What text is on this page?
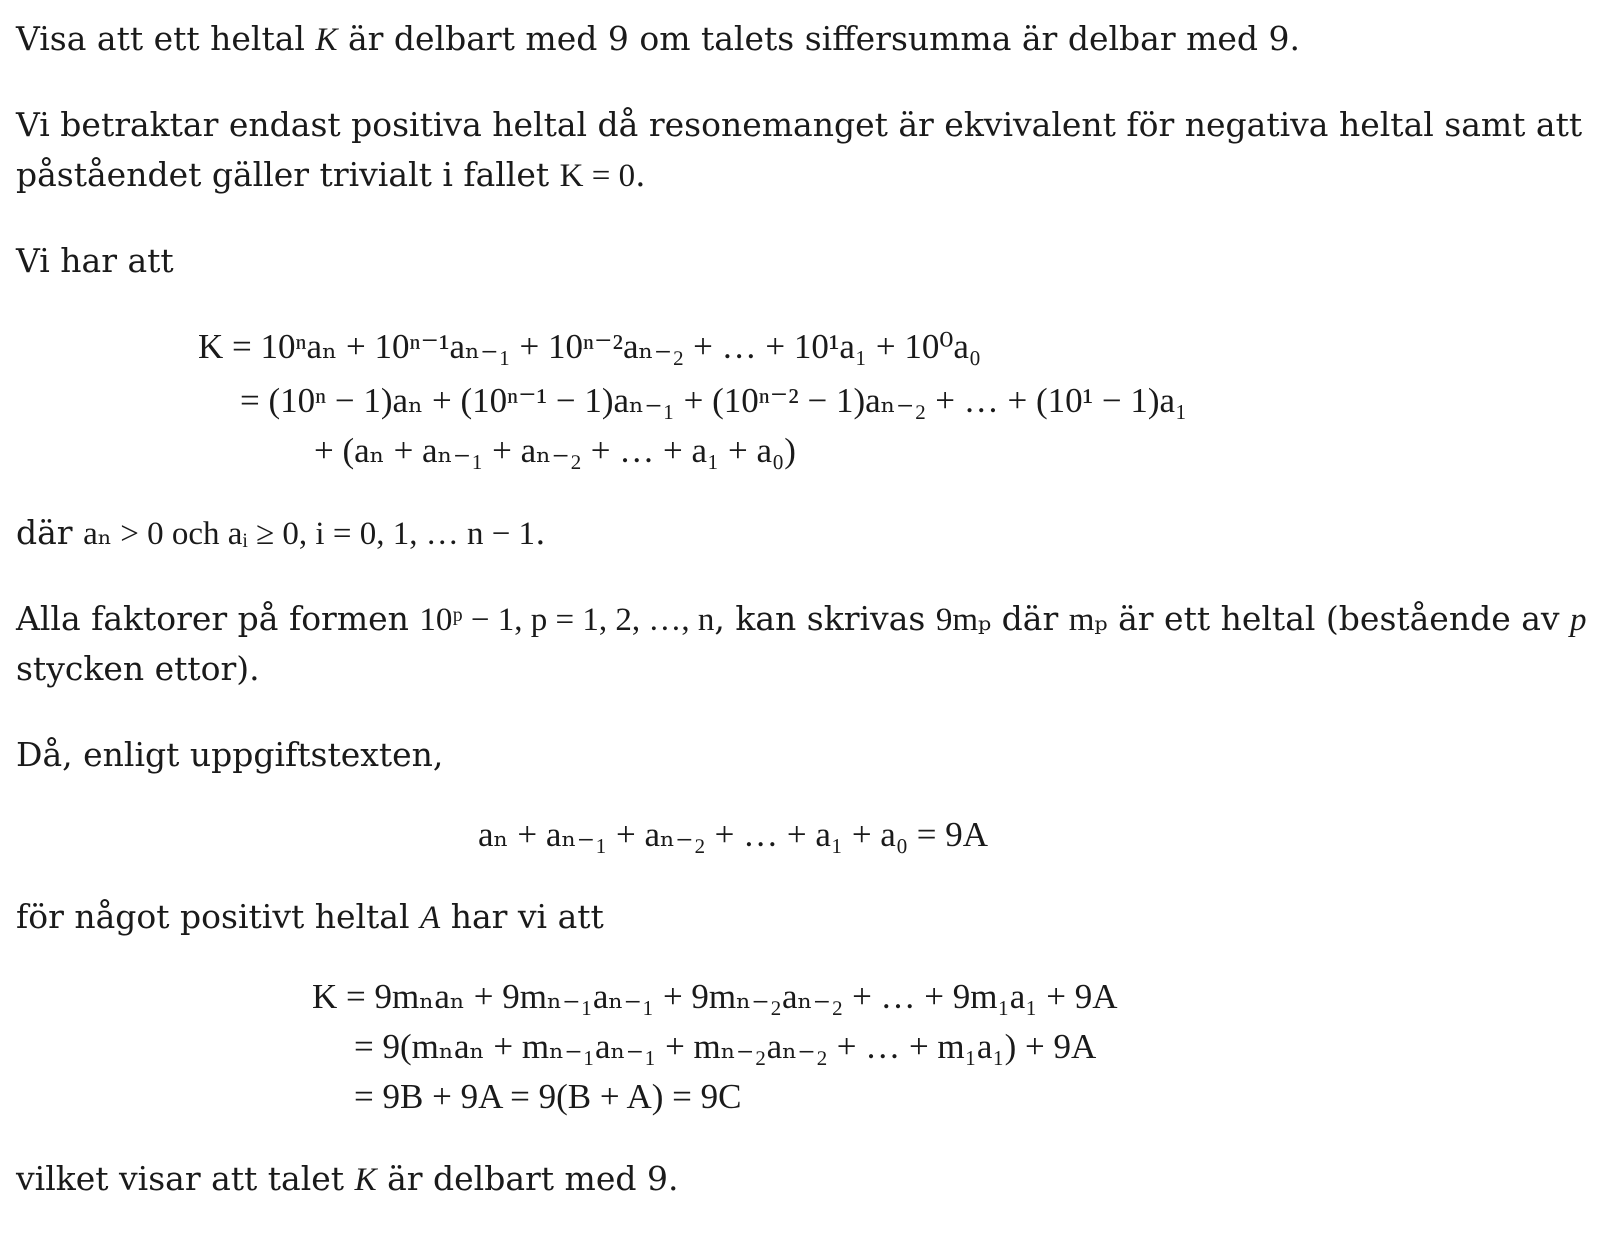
Visa att ett heltal K är delbart med 9 om talets siffersumma är delbar med 9.

Vi betraktar endast positiva heltal då resonemanget är ekvivalent för negativa heltal samt att

påståendet gäller trivialt i fallet K = 0.

Vi har att

K = 10ⁿaₙ + 10ⁿ⁻¹aₙ₋₁ + 10ⁿ⁻²aₙ₋₂ + … + 10¹a₁ + 10⁰a₀
= (10ⁿ − 1)aₙ + (10ⁿ⁻¹ − 1)aₙ₋₁ + (10ⁿ⁻² − 1)aₙ₋₂ + … + (10¹ − 1)a₁
+ (aₙ + aₙ₋₁ + aₙ₋₂ + … + a₁ + a₀)

där aₙ > 0 och aᵢ ≥ 0, i = 0, 1, … n − 1.

Alla faktorer på formen 10ᵖ − 1, p = 1, 2, …, n, kan skrivas 9mₚ där mₚ är ett heltal (bestående av p

stycken ettor).

Då, enligt uppgiftstexten,

aₙ + aₙ₋₁ + aₙ₋₂ + … + a₁ + a₀ = 9A

för något positivt heltal A har vi att

K = 9mₙaₙ + 9mₙ₋₁aₙ₋₁ + 9mₙ₋₂aₙ₋₂ + … + 9m₁a₁ + 9A
= 9(mₙaₙ + mₙ₋₁aₙ₋₁ + mₙ₋₂aₙ₋₂ + … + m₁a₁) + 9A
= 9B + 9A = 9(B + A) = 9C

vilket visar att talet K är delbart med 9.
